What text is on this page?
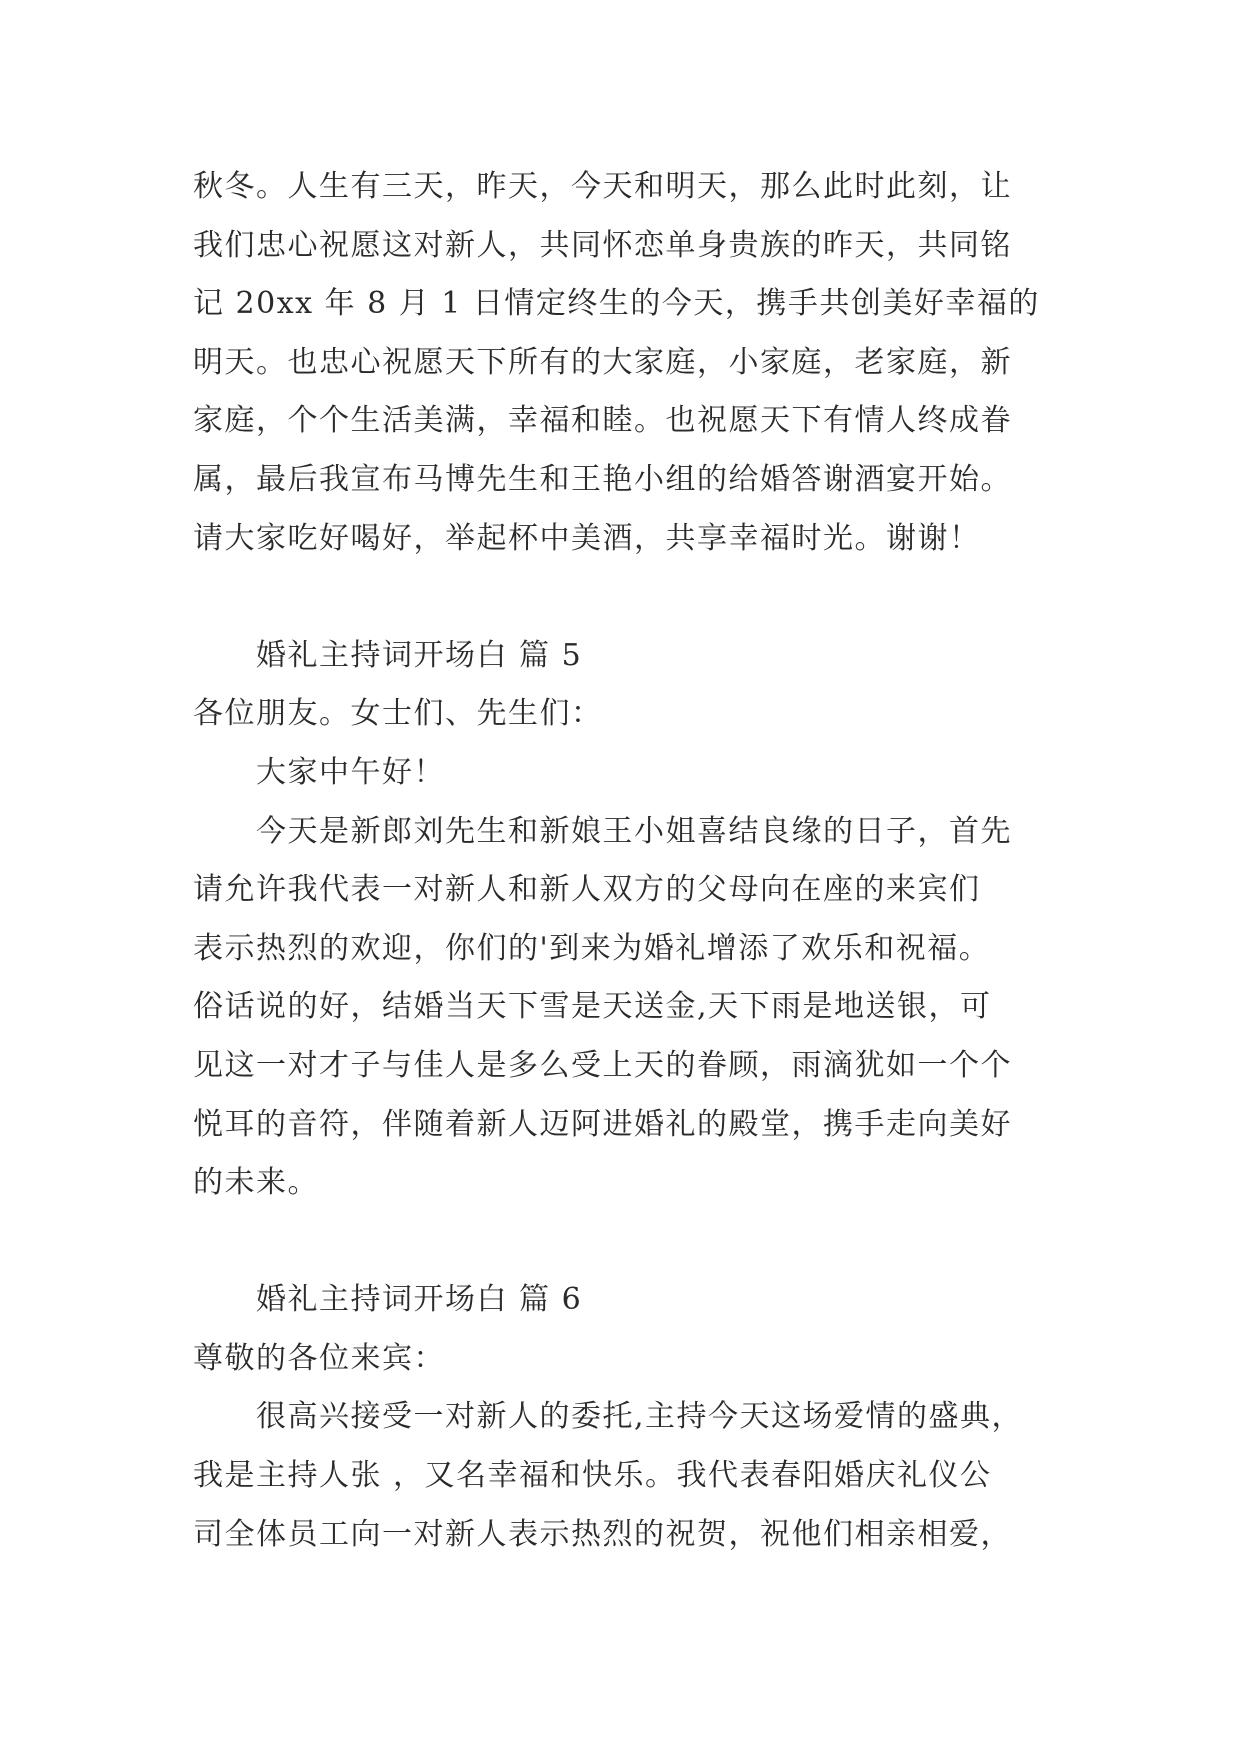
秋冬。人生有三天，昨天，今天和明天，那么此时此刻，让
我们忠心祝愿这对新人，共同怀恋单身贵族的昨天，共同铭
记 20xx 年 8 月 1 日情定终生的今天，携手共创美好幸福的
明天。也忠心祝愿天下所有的大家庭，小家庭，老家庭，新
家庭，个个生活美满，幸福和睦。也祝愿天下有情人终成眷
属，最后我宣布马博先生和王艳小组的给婚答谢酒宴开始。
请大家吃好喝好，举起杯中美酒，共享幸福时光。谢谢！
婚礼主持词开场白 篇 5
各位朋友。女士们、先生们：
大家中午好！
今天是新郎刘先生和新娘王小姐喜结良缘的日子，首先
请允许我代表一对新人和新人双方的父母向在座的来宾们
表示热烈的欢迎，你们的'到来为婚礼增添了欢乐和祝福。
俗话说的好，结婚当天下雪是天送金,天下雨是地送银，可
见这一对才子与佳人是多么受上天的眷顾，雨滴犹如一个个
悦耳的音符，伴随着新人迈阿进婚礼的殿堂，携手走向美好
的未来。
婚礼主持词开场白 篇 6
尊敬的各位来宾：
很高兴接受一对新人的委托,主持今天这场爱情的盛典，
我是主持人张 ，又名幸福和快乐。我代表春阳婚庆礼仪公
司全体员工向一对新人表示热烈的祝贺，祝他们相亲相爱，
